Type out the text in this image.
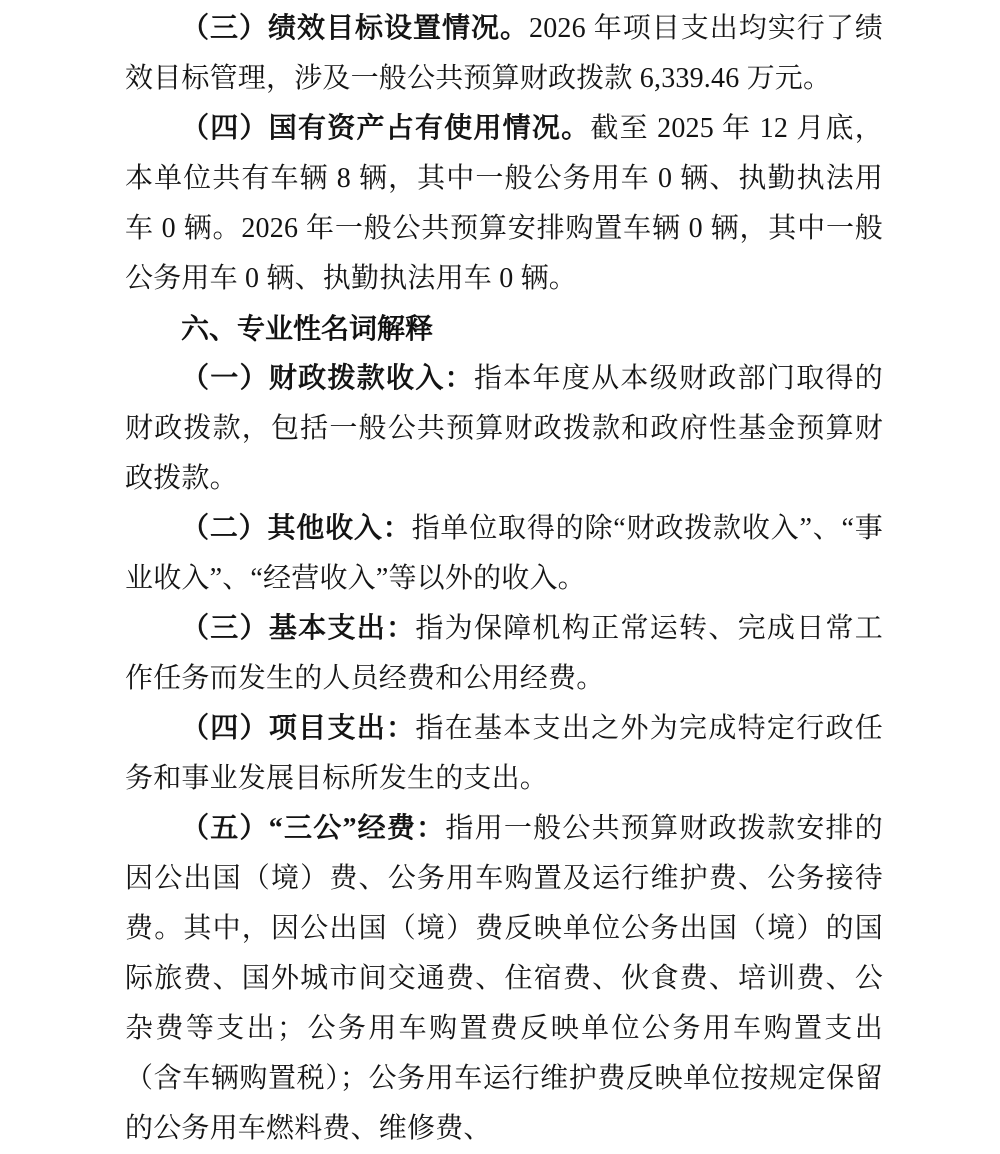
（三）绩效目标设置情况。2026 年项目支出均实行了绩效目标管理，涉及一般公共预算财政拨款 6,339.46 万元。

（四）国有资产占有使用情况。截至 2025 年 12 月底，本单位共有车辆 8 辆，其中一般公务用车 0 辆、执勤执法用车 0 辆。2026 年一般公共预算安排购置车辆 0 辆，其中一般公务用车 0 辆、执勤执法用车 0 辆。

六、专业性名词解释

（一）财政拨款收入：指本年度从本级财政部门取得的财政拨款，包括一般公共预算财政拨款和政府性基金预算财政拨款。

（二）其他收入：指单位取得的除“财政拨款收入”、“事业收入”、“经营收入”等以外的收入。

（三）基本支出：指为保障机构正常运转、完成日常工作任务而发生的人员经费和公用经费。

（四）项目支出：指在基本支出之外为完成特定行政任务和事业发展目标所发生的支出。

（五）“三公”经费：指用一般公共预算财政拨款安排的因公出国（境）费、公务用车购置及运行维护费、公务接待费。其中，因公出国（境）费反映单位公务出国（境）的国际旅费、国外城市间交通费、住宿费、伙食费、培训费、公杂费等支出；公务用车购置费反映单位公务用车购置支出（含车辆购置税）；公务用车运行维护费反映单位按规定保留的公务用车燃料费、维修费、
